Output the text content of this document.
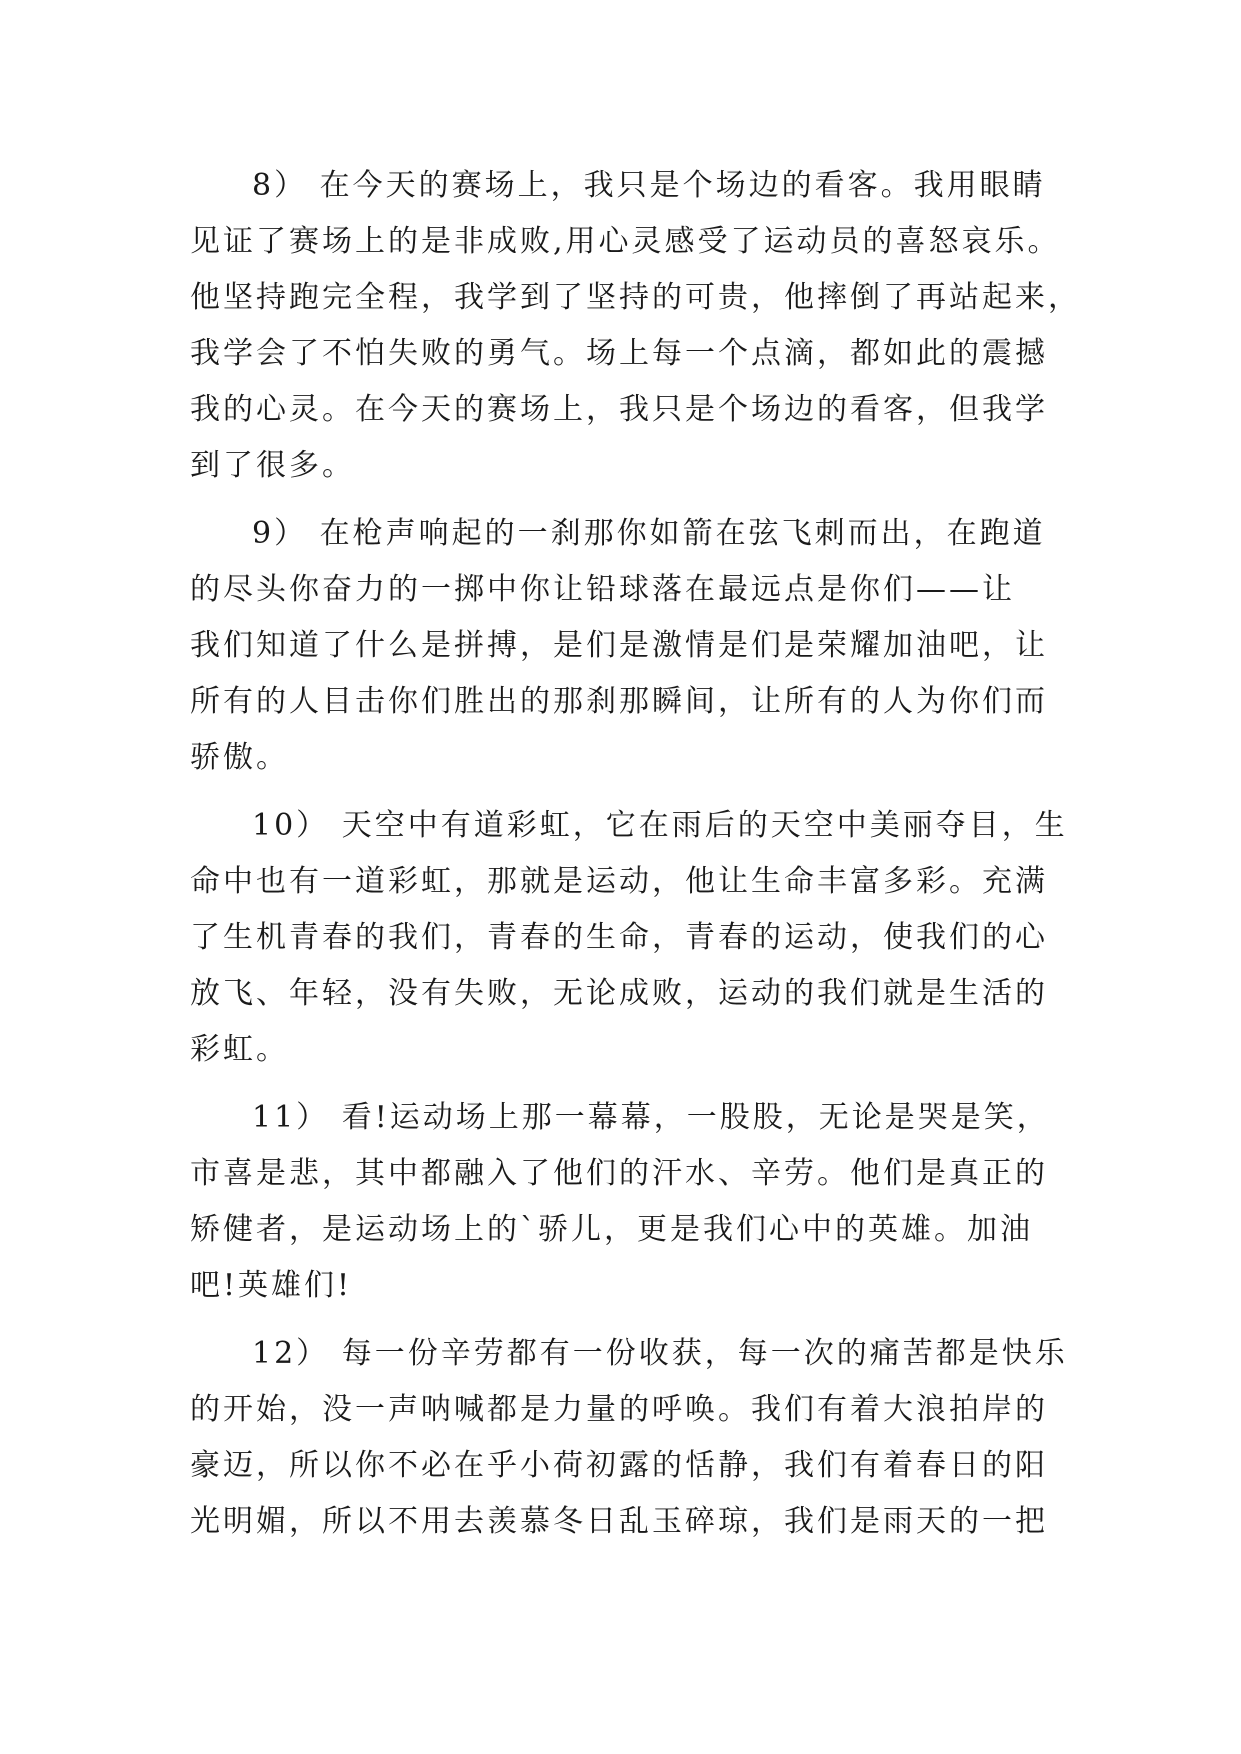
8） 在今天的赛场上，我只是个场边的看客。我用眼睛
见证了赛场上的是非成败,用心灵感受了运动员的喜怒哀乐。
他坚持跑完全程，我学到了坚持的可贵，他摔倒了再站起来，
我学会了不怕失败的勇气。场上每一个点滴，都如此的震撼
我的心灵。在今天的赛场上，我只是个场边的看客，但我学
到了很多。
9） 在枪声响起的一刹那你如箭在弦飞刺而出，在跑道
的尽头你奋力的一掷中你让铅球落在最远点是你们——让
我们知道了什么是拼搏，是们是激情是们是荣耀加油吧，让
所有的人目击你们胜出的那刹那瞬间，让所有的人为你们而
骄傲。
10） 天空中有道彩虹，它在雨后的天空中美丽夺目，生
命中也有一道彩虹，那就是运动，他让生命丰富多彩。充满
了生机青春的我们，青春的生命，青春的运动，使我们的心
放飞、年轻，没有失败，无论成败，运动的我们就是生活的
彩虹。
11） 看!运动场上那一幕幕，一股股，无论是哭是笑，
市喜是悲，其中都融入了他们的汗水、辛劳。他们是真正的
矫健者，是运动场上的`骄儿，更是我们心中的英雄。加油
吧!英雄们!
12） 每一份辛劳都有一份收获，每一次的痛苦都是快乐
的开始，没一声呐喊都是力量的呼唤。我们有着大浪拍岸的
豪迈，所以你不必在乎小荷初露的恬静，我们有着春日的阳
光明媚，所以不用去羡慕冬日乱玉碎琼，我们是雨天的一把
